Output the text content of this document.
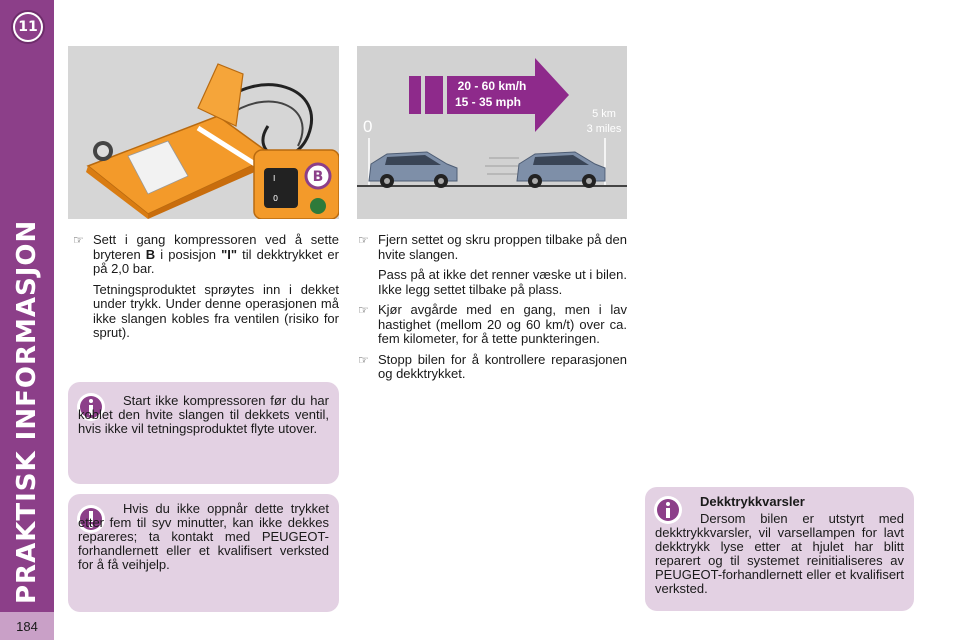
11
PRAKTISK INFORMASJON
184
I
0
B
20 - 60 km/h
15 - 35 mph
0
5 km
3 miles
☞ Sett i gang kompressoren ved å sette bryteren B i posisjon "I" til dekktrykket er på 2,0 bar.
Tetningsproduktet sprøytes inn i dekket under trykk. Under denne operasjonen må ikke slangen kobles fra ventilen (risiko for sprut).
☞ Fjern settet og skru proppen tilbake på den hvite slangen.
Pass på at ikke det renner væske ut i bilen. Ikke legg settet tilbake på plass.
☞ Kjør avgårde med en gang, men i lav hastighet (mellom 20 og 60 km/t) over ca. fem kilometer, for å tette punkteringen.
☞ Stopp bilen for å kontrollere reparasjonen og dekktrykket.
Start ikke kompressoren før du har koblet den hvite slangen til dekkets ventil, hvis ikke vil tetningsproduktet flyte utover.
Hvis du ikke oppnår dette trykket etter fem til syv minutter, kan ikke dekkes repareres; ta kontakt med PEUGEOT-forhandlernett eller et kvalifisert verksted for å få veihjelp.
Dekktrykkvarsler
Dersom bilen er utstyrt med dekktrykkvarsler, vil varsellampen for lavt dekktrykk lyse etter at hjulet har blitt reparert og til systemet reinitialiseres av PEUGEOT-forhandlernett eller et kvalifisert verksted.
